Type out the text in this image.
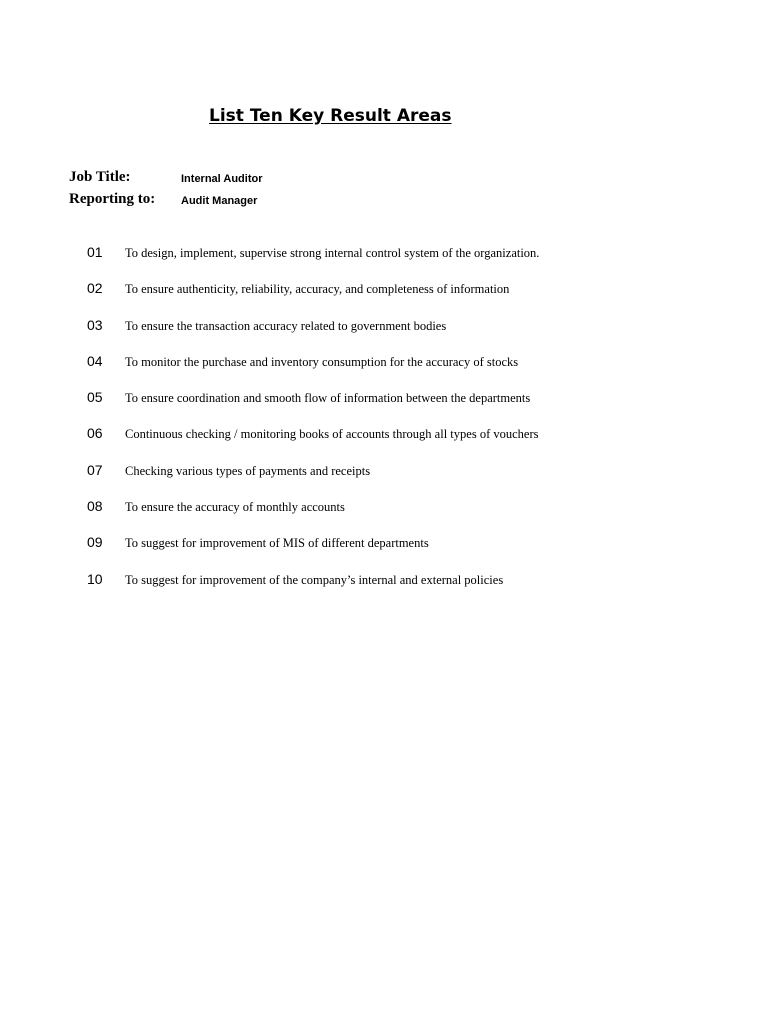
List Ten Key Result Areas
Job Title:	Internal Auditor
Reporting to: Audit Manager
01 To design, implement, supervise strong internal control system of the organization.
02 To ensure authenticity, reliability, accuracy, and completeness of information
03 To ensure the transaction accuracy related to government bodies
04 To monitor the purchase and inventory consumption for the accuracy of stocks
05 To ensure coordination and smooth flow of information between the departments
06 Continuous checking / monitoring books of accounts through all types of vouchers
07 Checking various types of payments and receipts
08 To ensure the accuracy of monthly accounts
09 To suggest for improvement of MIS of different departments
10 To suggest for improvement of the company’s internal and external policies
